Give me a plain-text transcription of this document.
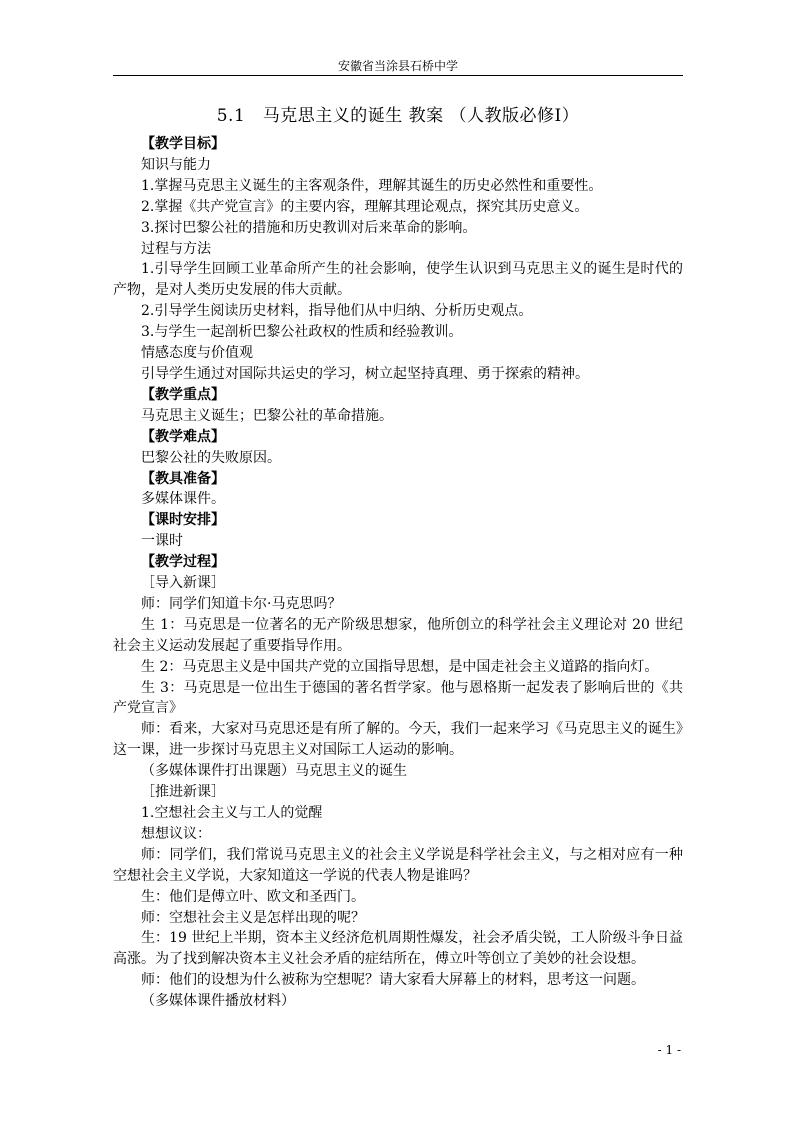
安徽省当涂县石桥中学
5.1　马克思主义的诞生 教案 （人教版必修Ⅰ）

【教学目标】

知识与能力

1.掌握马克思主义诞生的主客观条件，理解其诞生的历史必然性和重要性。

2.掌握《共产党宣言》的主要内容，理解其理论观点，探究其历史意义。

3.探讨巴黎公社的措施和历史教训对后来革命的影响。

过程与方法

1.引导学生回顾工业革命所产生的社会影响，使学生认识到马克思主义的诞生是时代的产物，是对人类历史发展的伟大贡献。

2.引导学生阅读历史材料，指导他们从中归纳、分析历史观点。

3.与学生一起剖析巴黎公社政权的性质和经验教训。

情感态度与价值观

引导学生通过对国际共运史的学习，树立起坚持真理、勇于探索的精神。

【教学重点】

马克思主义诞生；巴黎公社的革命措施。

【教学难点】

巴黎公社的失败原因。

【教具准备】

多媒体课件。

【课时安排】

一课时

【教学过程】

［导入新课］

师：同学们知道卡尔·马克思吗？

生 1：马克思是一位著名的无产阶级思想家，他所创立的科学社会主义理论对 20 世纪社会主义运动发展起了重要指导作用。

生 2：马克思主义是中国共产党的立国指导思想，是中国走社会主义道路的指向灯。

生 3：马克思是一位出生于德国的著名哲学家。他与恩格斯一起发表了影响后世的《共产党宣言》

师：看来，大家对马克思还是有所了解的。今天，我们一起来学习《马克思主义的诞生》这一课，进一步探讨马克思主义对国际工人运动的影响。

（多媒体课件打出课题）马克思主义的诞生

［推进新课］

1.空想社会主义与工人的觉醒

想想议议：

师：同学们，我们常说马克思主义的社会主义学说是科学社会主义，与之相对应有一种空想社会主义学说，大家知道这一学说的代表人物是谁吗？

生：他们是傅立叶、欧文和圣西门。

师：空想社会主义是怎样出现的呢？

生：19 世纪上半期，资本主义经济危机周期性爆发，社会矛盾尖锐，工人阶级斗争日益高涨。为了找到解决资本主义社会矛盾的症结所在，傅立叶等创立了美妙的社会设想。

师：他们的设想为什么被称为空想呢？请大家看大屏幕上的材料，思考这一问题。

（多媒体课件播放材料）

- 1 -
